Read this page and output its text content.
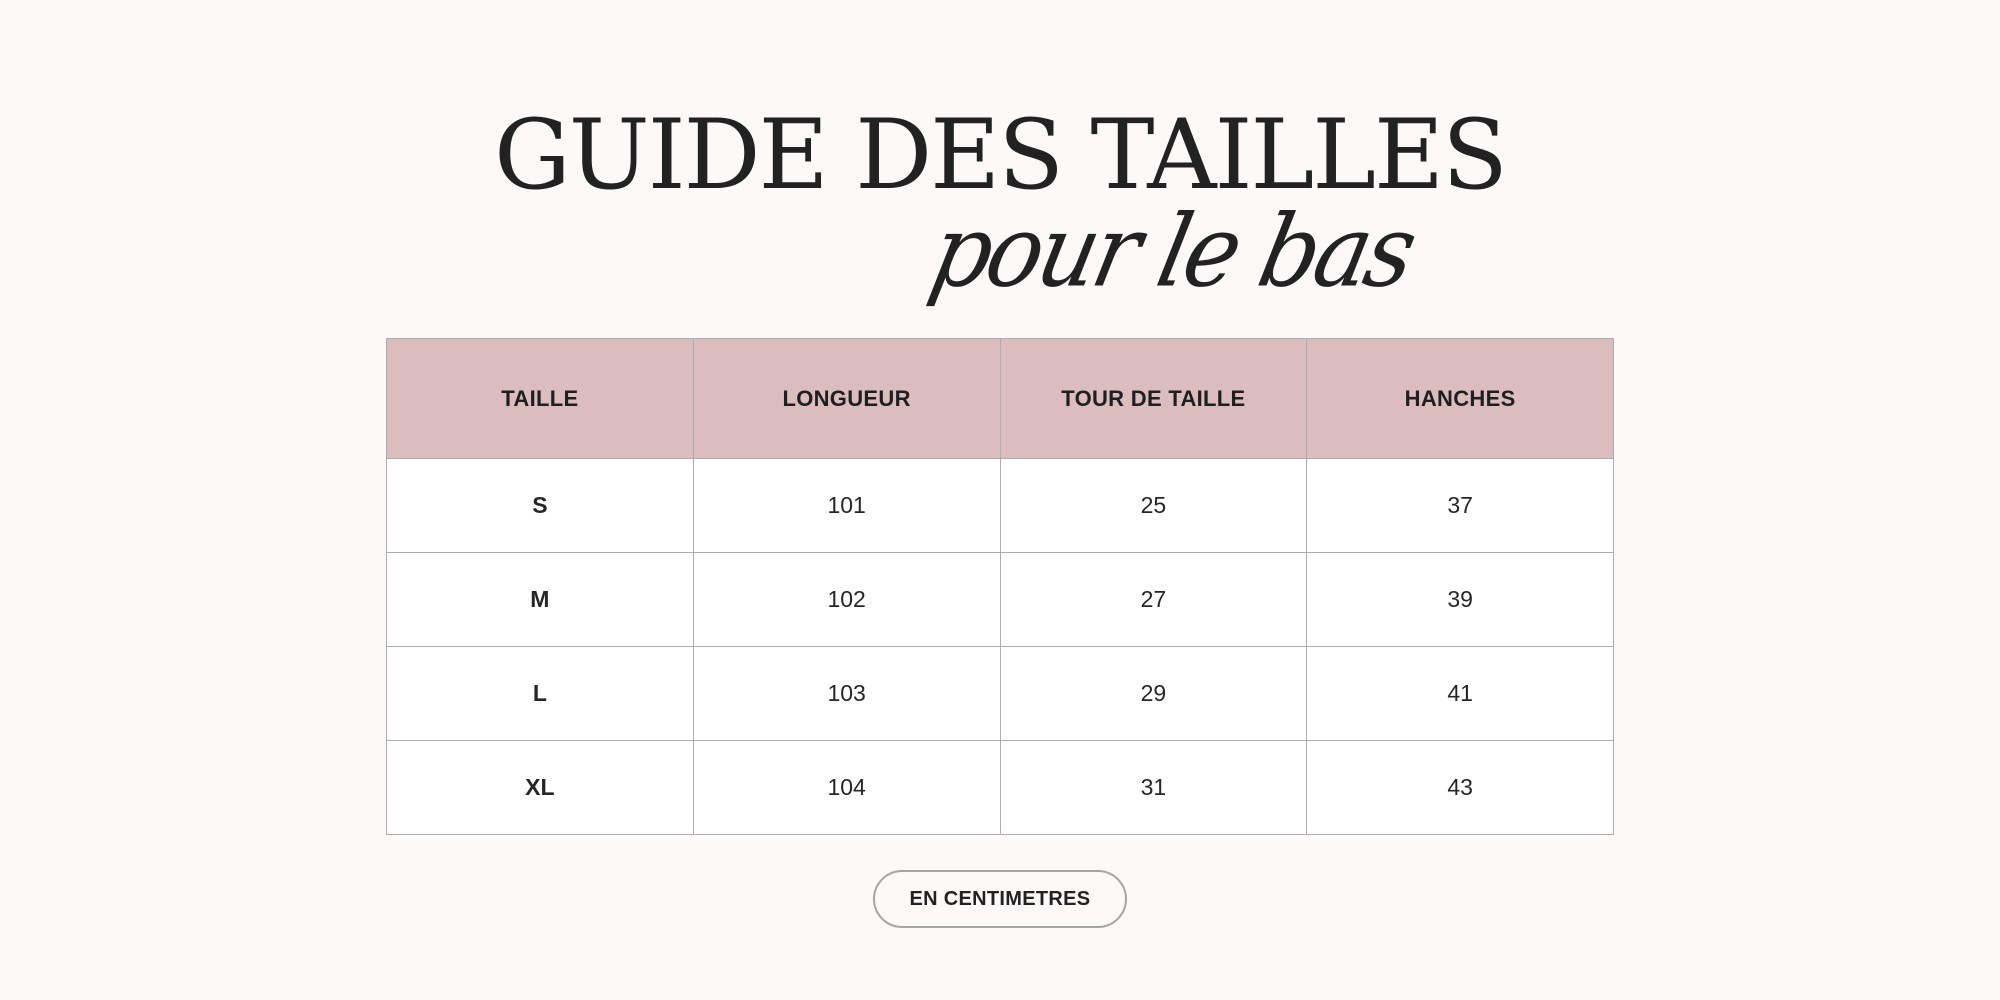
GUIDE DES TAILLES
pour le bas
TAILLE	LONGUEUR	TOUR DE TAILLE	HANCHES
S	101	25	37
M	102	27	39
L	103	29	41
XL	104	31	43
EN CENTIMETRES
